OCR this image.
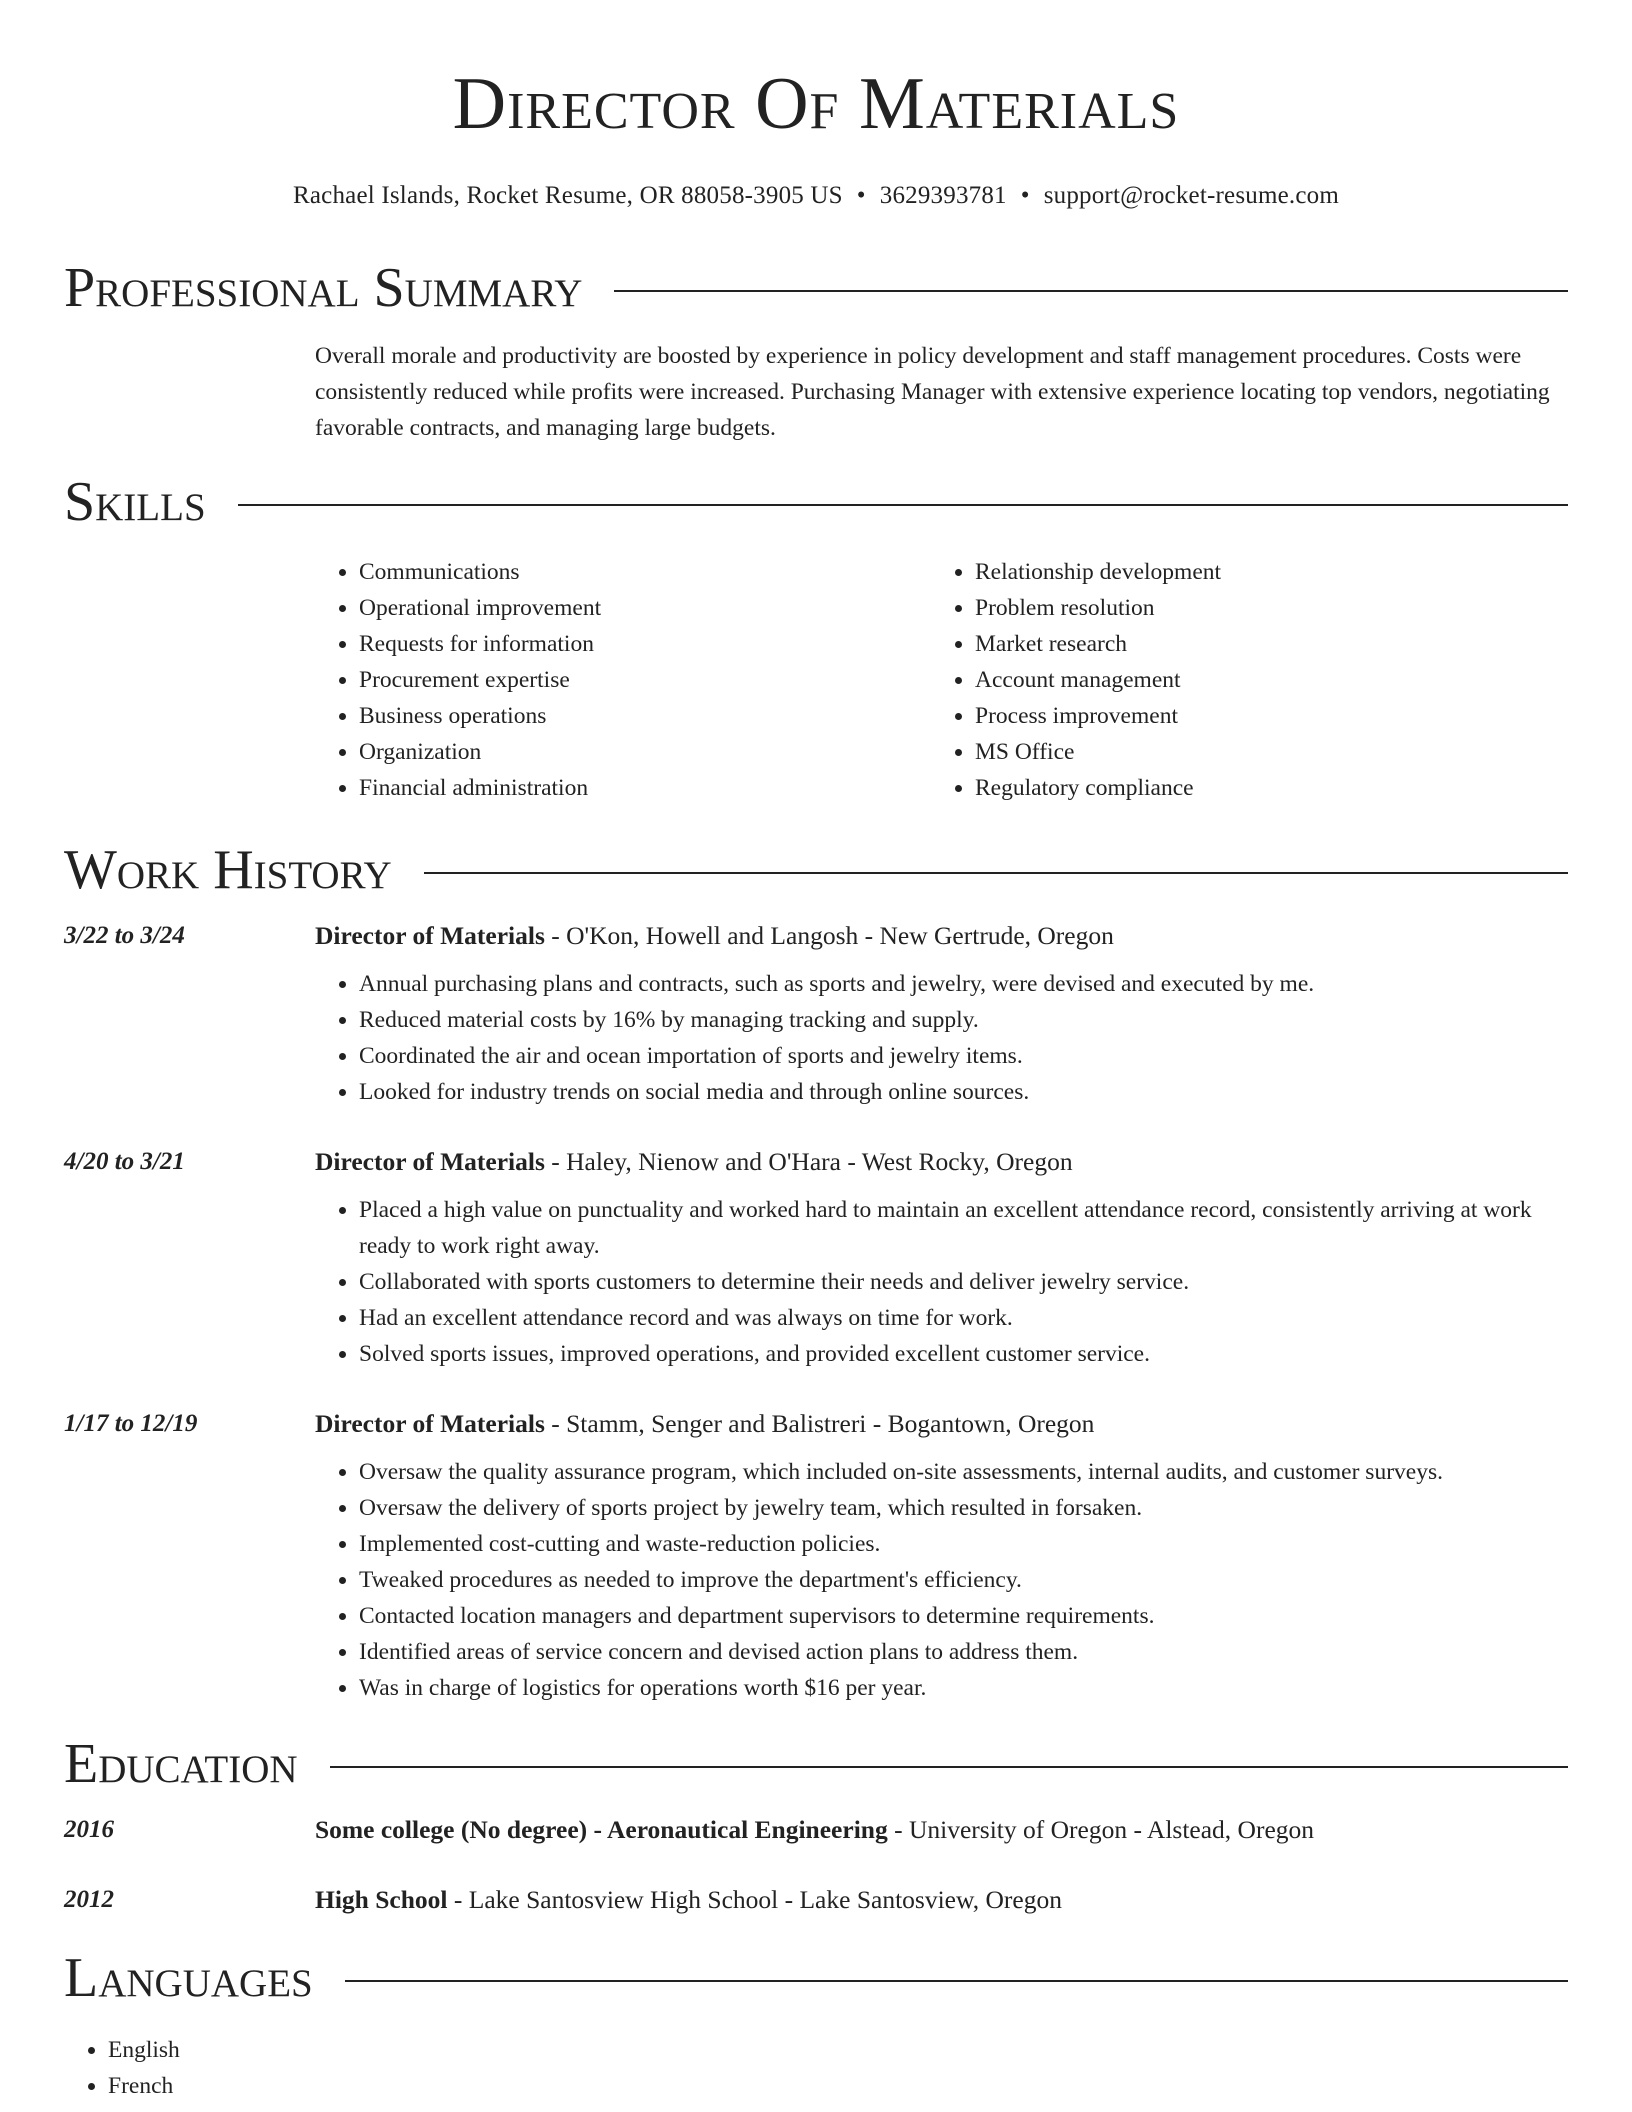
Director Of Materials
Rachael Islands, Rocket Resume, OR 88058-3905 US • 3629393781 • support@rocket-resume.com
Professional Summary
Overall morale and productivity are boosted by experience in policy development and staff management procedures. Costs were consistently reduced while profits were increased. Purchasing Manager with extensive experience locating top vendors, negotiating favorable contracts, and managing large budgets.
Skills
• Communications
• Operational improvement
• Requests for information
• Procurement expertise
• Business operations
• Organization
• Financial administration
• Relationship development
• Problem resolution
• Market research
• Account management
• Process improvement
• MS Office
• Regulatory compliance
Work History
3/22 to 3/24	Director of Materials - O'Kon, Howell and Langosh - New Gertrude, Oregon
• Annual purchasing plans and contracts, such as sports and jewelry, were devised and executed by me.
• Reduced material costs by 16% by managing tracking and supply.
• Coordinated the air and ocean importation of sports and jewelry items.
• Looked for industry trends on social media and through online sources.
4/20 to 3/21	Director of Materials - Haley, Nienow and O'Hara - West Rocky, Oregon
• Placed a high value on punctuality and worked hard to maintain an excellent attendance record, consistently arriving at work ready to work right away.
• Collaborated with sports customers to determine their needs and deliver jewelry service.
• Had an excellent attendance record and was always on time for work.
• Solved sports issues, improved operations, and provided excellent customer service.
1/17 to 12/19	Director of Materials - Stamm, Senger and Balistreri - Bogantown, Oregon
• Oversaw the quality assurance program, which included on-site assessments, internal audits, and customer surveys.
• Oversaw the delivery of sports project by jewelry team, which resulted in forsaken.
• Implemented cost-cutting and waste-reduction policies.
• Tweaked procedures as needed to improve the department's efficiency.
• Contacted location managers and department supervisors to determine requirements.
• Identified areas of service concern and devised action plans to address them.
• Was in charge of logistics for operations worth $16 per year.
Education
2016	Some college (No degree) - Aeronautical Engineering - University of Oregon - Alstead, Oregon
2012	High School - Lake Santosview High School - Lake Santosview, Oregon
Languages
• English
• French
